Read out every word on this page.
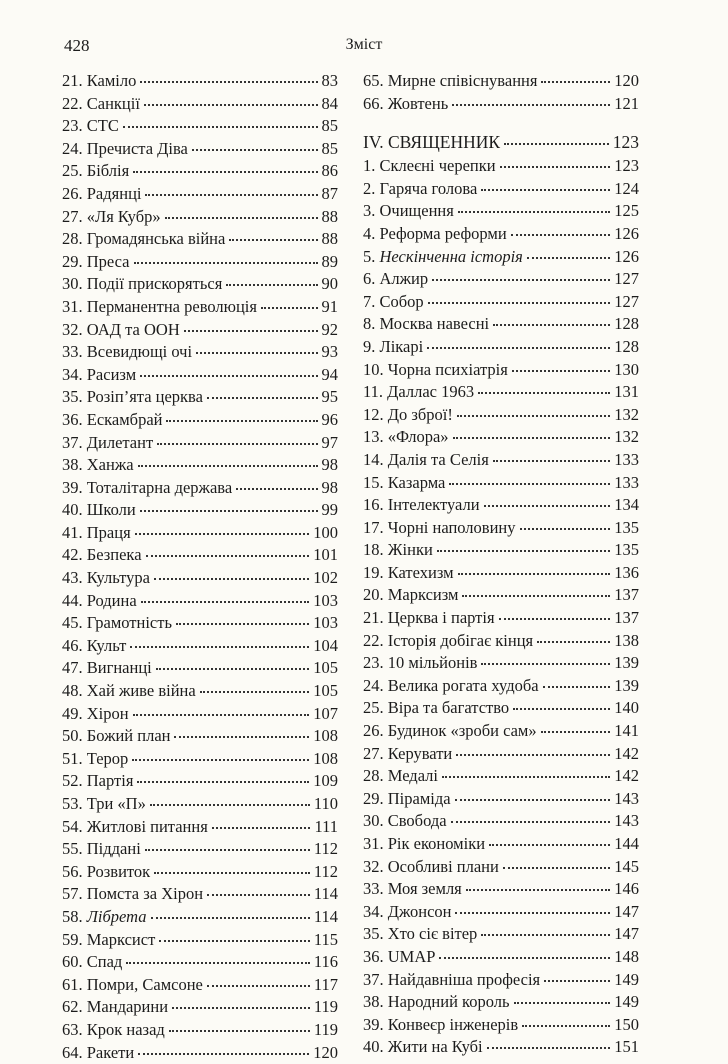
428	Зміст
21. Каміло	83
22. Санкції	84
23. СТС	85
24. Пречиста Діва	85
25. Біблія	86
26. Радянці	87
27. «Ля Кубр»	88
28. Громадянська війна	88
29. Преса	89
30. Події прискоряться	90
31. Перманентна революція	91
32. ОАД та ООН	92
33. Всевидющі очі	93
34. Расизм	94
35. Розіп’ята церква	95
36. Ескамбрай	96
37. Дилетант	97
38. Ханжа	98
39. Тоталітарна держава	98
40. Школи	99
41. Праця	100
42. Безпека	101
43. Культура	102
44. Родина	103
45. Грамотність	103
46. Культ	104
47. Вигнанці	105
48. Хай живе війна	105
49. Хірон	107
50. Божий план	108
51. Терор	108
52. Партія	109
53. Три «П»	110
54. Житлові питання	111
55. Піддані	112
56. Розвиток	112
57. Помста за Хірон	114
58. Лібрета	114
59. Марксист	115
60. Спад	116
61. Помри, Самсоне	117
62. Мандарини	119
63. Крок назад	119
64. Ракети	120
65. Мирне співіснування	120
66. Жовтень	121
IV. СВЯЩЕННИК	123
1. Склеєні черепки	123
2. Гаряча голова	124
3. Очищення	125
4. Реформа реформи	126
5. Нескінченна історія	126
6. Алжир	127
7. Собор	127
8. Москва навесні	128
9. Лікарі	128
10. Чорна психіатрія	130
11. Даллас 1963	131
12. До зброї!	132
13. «Флора»	132
14. Далія та Селія	133
15. Казарма	133
16. Інтелектуали	134
17. Чорні наполовину	135
18. Жінки	135
19. Катехизм	136
20. Марксизм	137
21. Церква і партія	137
22. Історія добігає кінця	138
23. 10 мільйонів	139
24. Велика рогата худоба	139
25. Віра та багатство	140
26. Будинок «зроби сам»	141
27. Керувати	142
28. Медалі	142
29. Піраміда	143
30. Свобода	143
31. Рік економіки	144
32. Особливі плани	145
33. Моя земля	146
34. Джонсон	147
35. Хто сіє вітер	147
36. UMAP	148
37. Найдавніша професія	149
38. Народний король	149
39. Конвеєр інженерів	150
40. Жити на Кубі	151
